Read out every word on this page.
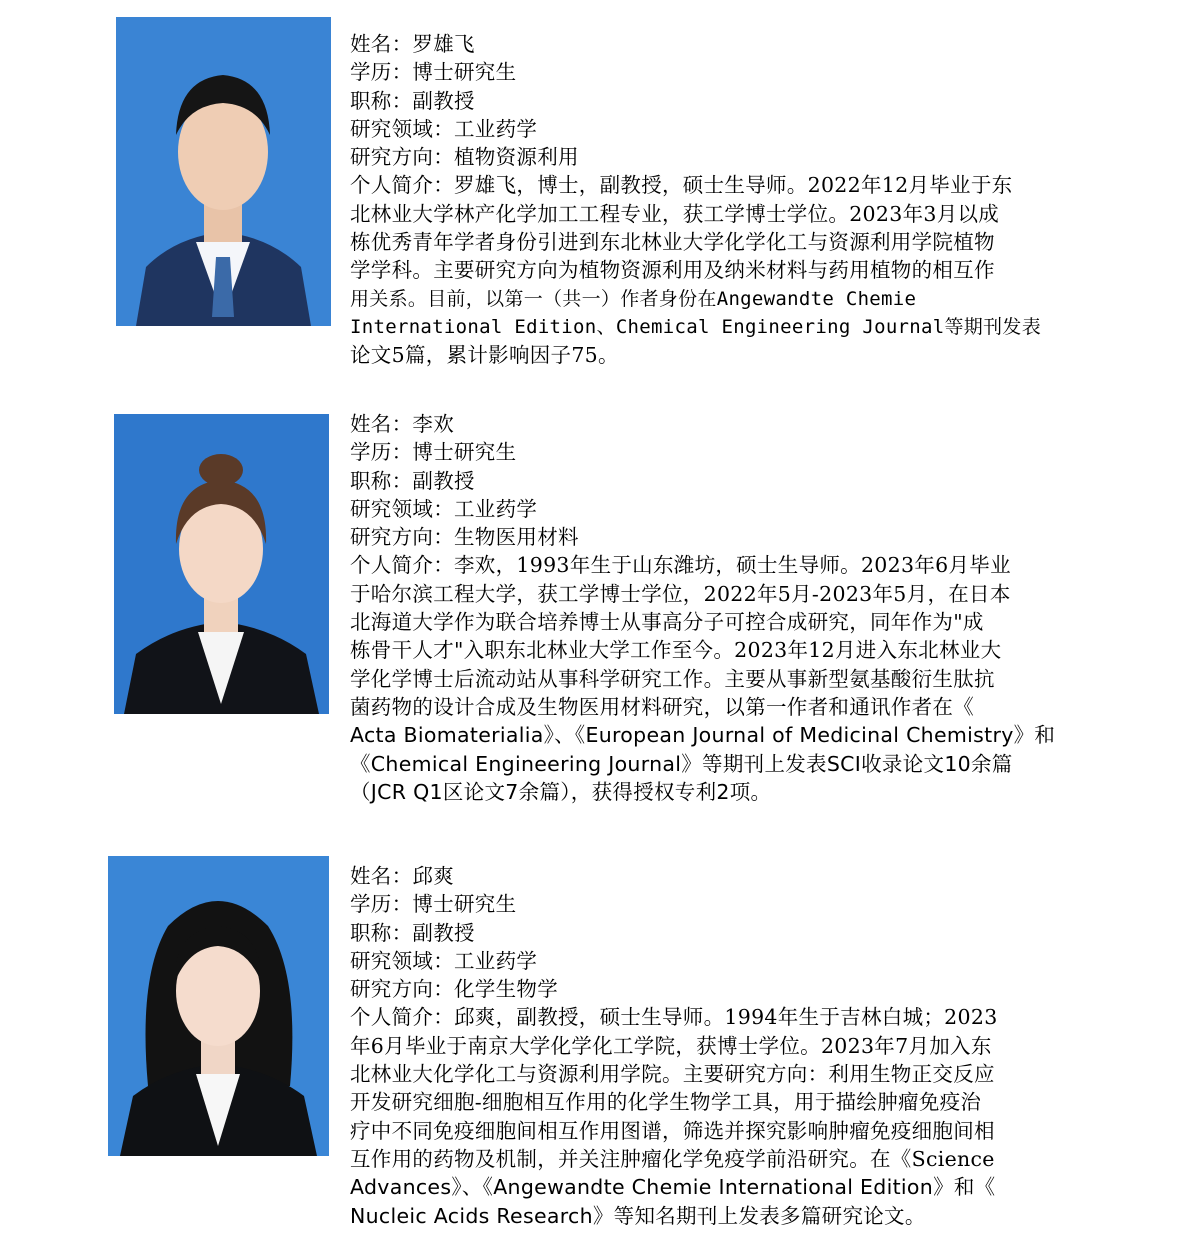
姓名：罗雄飞
学历：博士研究生
职称：副教授
研究领域：工业药学
研究方向：植物资源利用
个人简介：罗雄飞，博士，副教授，硕士生导师。2022年12月毕业于东
北林业大学林产化学加工工程专业，获工学博士学位。2023年3月以成
栋优秀青年学者身份引进到东北林业大学化学化工与资源利用学院植物
学学科。主要研究方向为植物资源利用及纳米材料与药用植物的相互作
用关系。目前，以第一（共一）作者身份在Angewandte Chemie
International Edition、Chemical Engineering Journal等期刊发表
论文5篇，累计影响因子75。
姓名：李欢
学历：博士研究生
职称：副教授
研究领域：工业药学
研究方向：生物医用材料
个人简介：李欢，1993年生于山东潍坊，硕士生导师。2023年6月毕业
于哈尔滨工程大学，获工学博士学位，2022年5月-2023年5月，在日本
北海道大学作为联合培养博士从事高分子可控合成研究，同年作为"成
栋骨干人才"入职东北林业大学工作至今。2023年12月进入东北林业大
学化学博士后流动站从事科学研究工作。主要从事新型氨基酸衍生肽抗
菌药物的设计合成及生物医用材料研究，以第一作者和通讯作者在《
Acta Biomaterialia》、《European Journal of Medicinal Chemistry》和
《Chemical Engineering Journal》等期刊上发表SCI收录论文10余篇
（JCR Q1区论文7余篇），获得授权专利2项。
姓名：邱爽
学历：博士研究生
职称：副教授
研究领域：工业药学
研究方向：化学生物学
个人简介：邱爽，副教授，硕士生导师。1994年生于吉林白城；2023
年6月毕业于南京大学化学化工学院，获博士学位。2023年7月加入东
北林业大化学化工与资源利用学院。主要研究方向：利用生物正交反应
开发研究细胞-细胞相互作用的化学生物学工具，用于描绘肿瘤免疫治
疗中不同免疫细胞间相互作用图谱，筛选并探究影响肿瘤免疫细胞间相
互作用的药物及机制，并关注肿瘤化学免疫学前沿研究。在《Science
Advances》、《Angewandte Chemie International Edition》和《
Nucleic Acids Research》等知名期刊上发表多篇研究论文。
